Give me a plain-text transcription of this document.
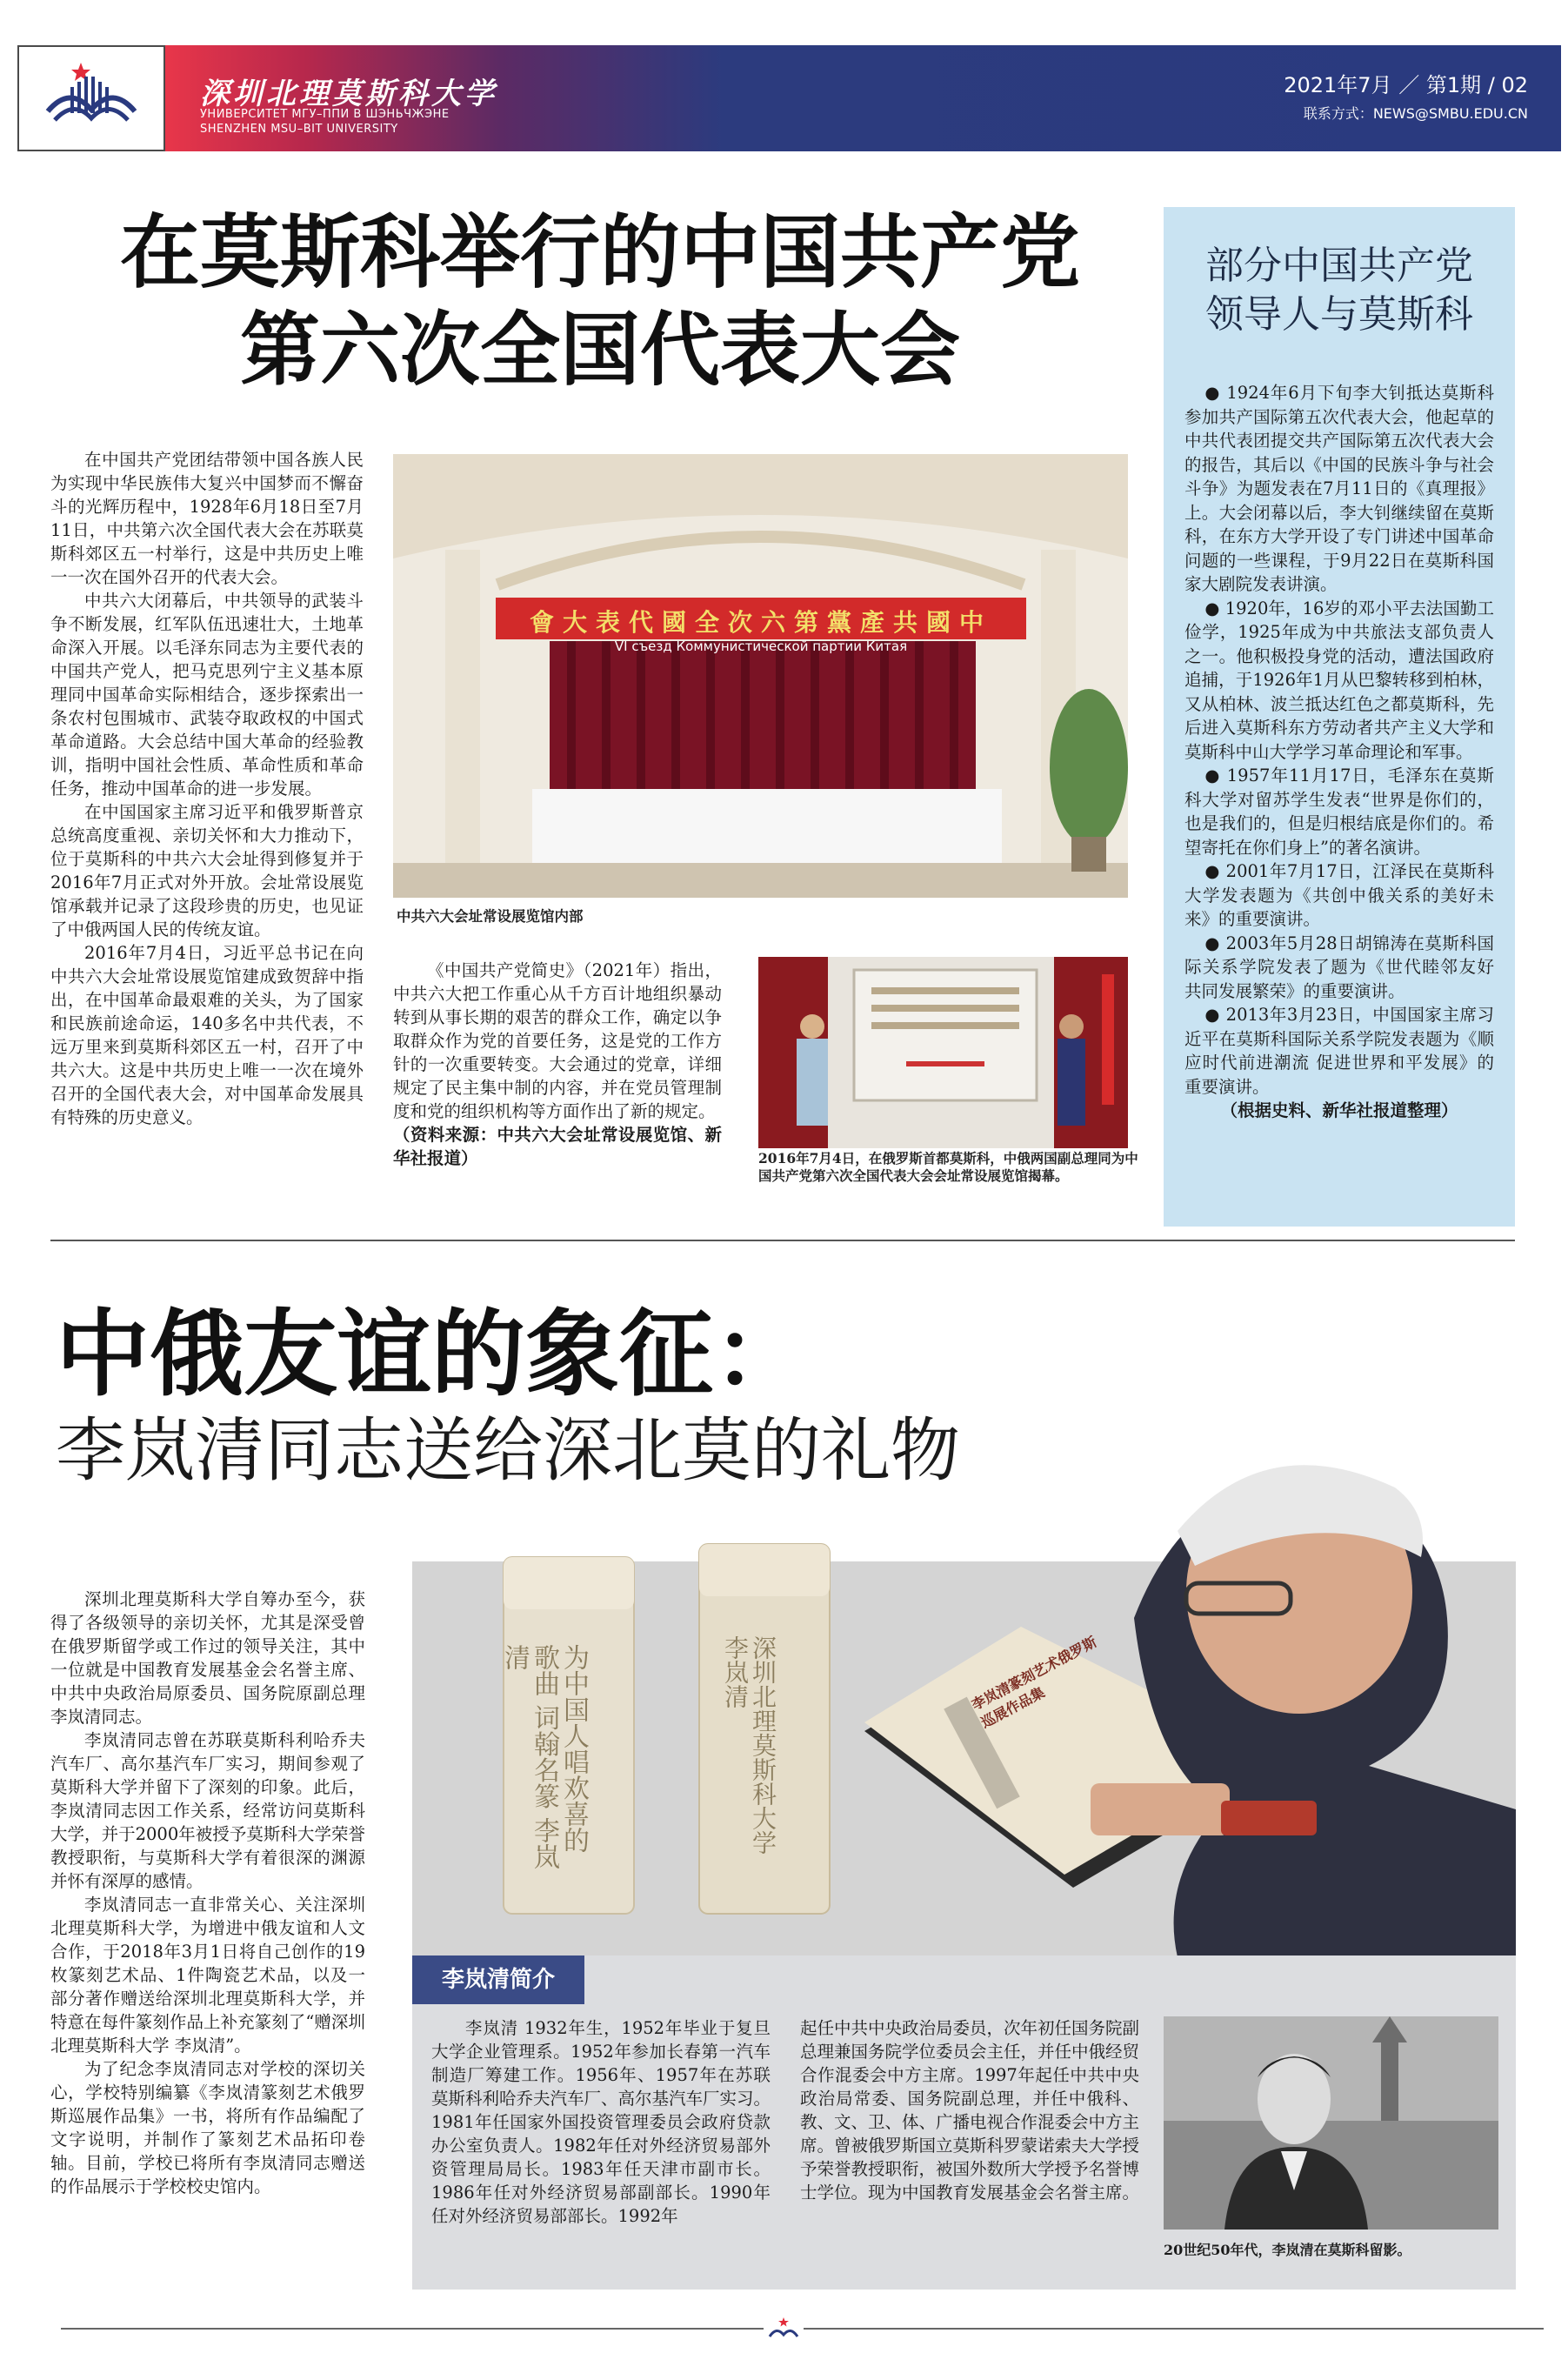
深圳北理莫斯科大学
УНИВЕРСИТЕТ МГУ–ППИ В ШЭНЬЧЖЭНЕ
SHENZHEN MSU–BIT UNIVERSITY
2021年7月 ／ 第1期 / 02
联系方式：NEWS@SMBU.EDU.CN
在莫斯科举行的中国共产党
第六次全国代表大会

在中国共产党团结带领中国各族人民为实现中华民族伟大复兴中国梦而不懈奋斗的光辉历程中，1928年6月18日至7月11日，中共第六次全国代表大会在苏联莫斯科郊区五一村举行，这是中共历史上唯一一次在国外召开的代表大会。

中共六大闭幕后，中共领导的武装斗争不断发展，红军队伍迅速壮大，土地革命深入开展。以毛泽东同志为主要代表的中国共产党人，把马克思列宁主义基本原理同中国革命实际相结合，逐步探索出一条农村包围城市、武装夺取政权的中国式革命道路。大会总结中国大革命的经验教训，指明中国社会性质、革命性质和革命任务，推动中国革命的进一步发展。

在中国国家主席习近平和俄罗斯普京总统高度重视、亲切关怀和大力推动下，位于莫斯科的中共六大会址得到修复并于2016年7月正式对外开放。会址常设展览馆承载并记录了这段珍贵的历史，也见证了中俄两国人民的传统友谊。

2016年7月4日，习近平总书记在向中共六大会址常设展览馆建成致贺辞中指出，在中国革命最艰难的关头，为了国家和民族前途命运，140多名中共代表，不远万里来到莫斯科郊区五一村，召开了中共六大。这是中共历史上唯一一次在境外召开的全国代表大会，对中国革命发展具有特殊的历史意义。

會大表代國全次六第黨產共國中
VI съезд Коммунистической партии Китая
中共六大会址常设展览馆内部

《中国共产党简史》（2021年）指出，中共六大把工作重心从千方百计地组织暴动转到从事长期的艰苦的群众工作，确定以争取群众作为党的首要任务，这是党的工作方针的一次重要转变。大会通过的党章，详细规定了民主集中制的内容，并在党员管理制度和党的组织机构等方面作出了新的规定。

（资料来源：中共六大会址常设展览馆、新华社报道）	2016年7月4日，在俄罗斯首都莫斯科，中俄两国副总理同为中国共产党第六次全国代表大会会址常设展览馆揭幕。
部分中国共产党
领导人与莫斯科

● 1924年6月下旬李大钊抵达莫斯科参加共产国际第五次代表大会，他起草的中共代表团提交共产国际第五次代表大会的报告，其后以《中国的民族斗争与社会斗争》为题发表在7月11日的《真理报》上。大会闭幕以后，李大钊继续留在莫斯科，在东方大学开设了专门讲述中国革命问题的一些课程，于9月22日在莫斯科国家大剧院发表讲演。

● 1920年，16岁的邓小平去法国勤工俭学，1925年成为中共旅法支部负责人之一。他积极投身党的活动，遭法国政府追捕，于1926年1月从巴黎转移到柏林，又从柏林、波兰抵达红色之都莫斯科，先后进入莫斯科东方劳动者共产主义大学和莫斯科中山大学学习革命理论和军事。

● 1957年11月17日，毛泽东在莫斯科大学对留苏学生发表“世界是你们的，也是我们的，但是归根结底是你们的。希望寄托在你们身上”的著名演讲。

● 2001年7月17日，江泽民在莫斯科大学发表题为《共创中俄关系的美好未来》的重要演讲。

● 2003年5月28日胡锦涛在莫斯科国际关系学院发表了题为《世代睦邻友好 共同发展繁荣》的重要演讲。

● 2013年3月23日，中国国家主席习近平在莫斯科国际关系学院发表题为《顺应时代前进潮流 促进世界和平发展》的重要演讲。

（根据史料、新华社报道整理）

中俄友谊的象征：
李岚清同志送给深北莫的礼物

深圳北理莫斯科大学自筹办至今，获得了各级领导的亲切关怀，尤其是深受曾在俄罗斯留学或工作过的领导关注，其中一位就是中国教育发展基金会名誉主席、中共中央政治局原委员、国务院原副总理李岚清同志。

李岚清同志曾在苏联莫斯科利哈乔夫汽车厂、高尔基汽车厂实习，期间参观了莫斯科大学并留下了深刻的印象。此后，李岚清同志因工作关系，经常访问莫斯科大学，并于2000年被授予莫斯科大学荣誉教授职衔，与莫斯科大学有着很深的渊源并怀有深厚的感情。

李岚清同志一直非常关心、关注深圳北理莫斯科大学，为增进中俄友谊和人文合作，于2018年3月1日将自己创作的19枚篆刻艺术品、1件陶瓷艺术品，以及一部分著作赠送给深圳北理莫斯科大学，并特意在每件篆刻作品上补充篆刻了“赠深圳北理莫斯科大学 李岚清”。

为了纪念李岚清同志对学校的深切关心，学校特别编纂《李岚清篆刻艺术俄罗斯巡展作品集》一书，将所有作品编配了文字说明，并制作了篆刻艺术品拓印卷轴。目前，学校已将所有李岚清同志赠送的作品展示于学校校史馆内。

为中国人唱欢喜的歌曲 词翰名篆 李岚清	深圳北理莫斯科大学 李岚清	李岚清篆刻艺术俄罗斯巡展作品集
李岚清简介

李岚清 1932年生，1952年毕业于复旦大学企业管理系。1952年参加长春第一汽车制造厂筹建工作。1956年、1957年在苏联莫斯科利哈乔夫汽车厂、高尔基汽车厂实习。1981年任国家外国投资管理委员会政府贷款办公室负责人。1982年任对外经济贸易部外资管理局局长。1983年任天津市副市长。1986年任对外经济贸易部副部长。1990年任对外经济贸易部部长。1992年

起任中共中央政治局委员，次年初任国务院副总理兼国务院学位委员会主任，并任中俄经贸合作混委会中方主席。1997年起任中共中央政治局常委、国务院副总理，并任中俄科、教、文、卫、体、广播电视合作混委会中方主席。曾被俄罗斯国立莫斯科罗蒙诺索夫大学授予荣誉教授职衔，被国外数所大学授予名誉博士学位。现为中国教育发展基金会名誉主席。

20世纪50年代，李岚清在莫斯科留影。
